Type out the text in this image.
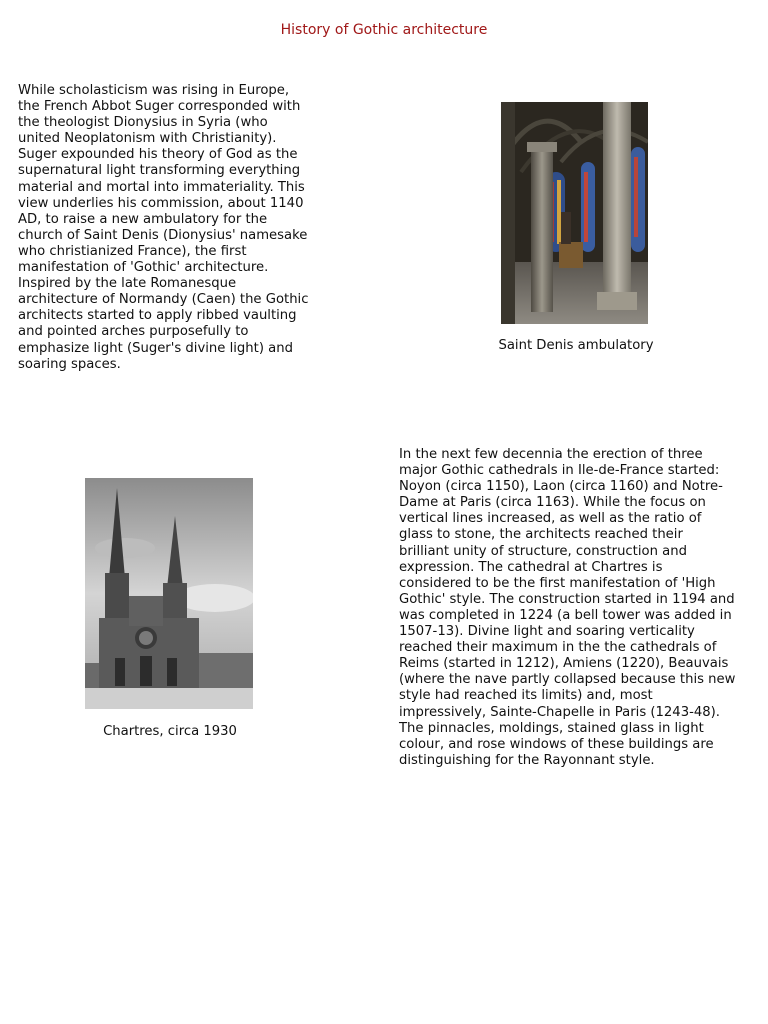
History of Gothic architecture

While scholasticism was rising in Europe,
the French Abbot Suger corresponded with
the theologist Dionysius in Syria (who
united Neoplatonism with Christianity).
Suger expounded his theory of God as the
supernatural light transforming everything
material and mortal into immateriality. This
view underlies his commission, about 1140
AD, to raise a new ambulatory for the
church of Saint Denis (Dionysius' namesake
who christianized France), the first
manifestation of 'Gothic' architecture.
Inspired by the late Romanesque
architecture of Normandy (Caen) the Gothic
architects started to apply ribbed vaulting
and pointed arches purposefully to
emphasize light (Suger's divine light) and
soaring spaces.

Saint Denis ambulatory

Chartres, circa 1930

In the next few decennia the erection of three
major Gothic cathedrals in Ile-de-France started:
Noyon (circa 1150), Laon (circa 1160) and Notre-
Dame at Paris (circa 1163). While the focus on
vertical lines increased, as well as the ratio of
glass to stone, the architects reached their
brilliant unity of structure, construction and
expression. The cathedral at Chartres is
considered to be the first manifestation of 'High
Gothic' style. The construction started in 1194 and
was completed in 1224 (a bell tower was added in
1507-13). Divine light and soaring verticality
reached their maximum in the the cathedrals of
Reims (started in 1212), Amiens (1220), Beauvais
(where the nave partly collapsed because this new
style had reached its limits) and, most
impressively, Sainte-Chapelle in Paris (1243-48).
The pinnacles, moldings, stained glass in light
colour, and rose windows of these buildings are
distinguishing for the Rayonnant style.
